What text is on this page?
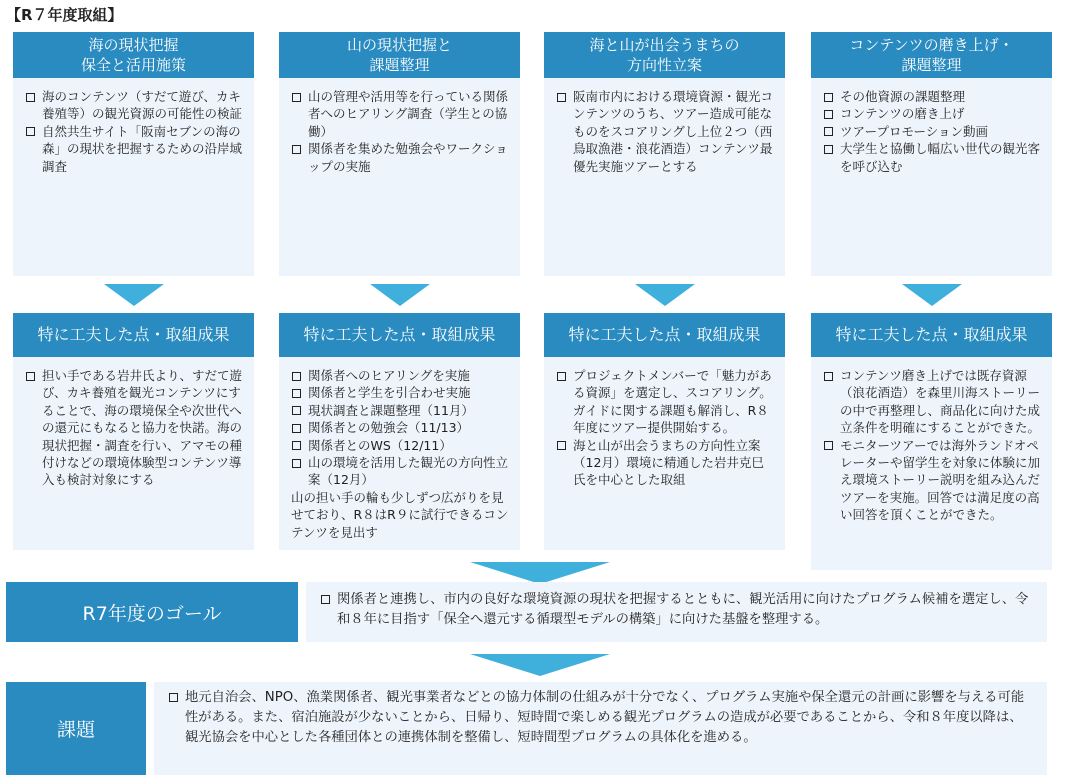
【R７年度取組】
海の現状把握
保全と活用施策
海のコンテンツ（すだて遊び、カキ養殖等）の観光資源の可能性の検証
自然共生サイト「阪南セブンの海の森」の現状を把握するための沿岸域調査
特に工夫した点・取組成果
担い手である岩井氏より、すだて遊び、カキ養殖を観光コンテンツにすることで、海の環境保全や次世代への還元にもなると協力を快諾。海の現状把握・調査を行い、アマモの種付けなどの環境体験型コンテンツ導入も検討対象にする
山の現状把握と
課題整理
山の管理や活用等を行っている関係者へのヒアリング調査（学生との協働）
関係者を集めた勉強会やワークショップの実施
特に工夫した点・取組成果
関係者へのヒアリングを実施
関係者と学生を引合わせ実施
現状調査と課題整理（11月）
関係者との勉強会（11/13）
関係者とのWS（12/11）
山の環境を活用した観光の方向性立案（12月）
山の担い手の輪も少しずつ広がりを見せており、R８はR９に試行できるコンテンツを見出す
海と山が出会うまちの
方向性立案
阪南市内における環境資源・観光コンテンツのうち、ツアー造成可能なものをスコアリングし上位２つ（西鳥取漁港・浪花酒造）コンテンツ最優先実施ツアーとする
特に工夫した点・取組成果
プロジェクトメンバーで「魅力がある資源」を選定し、スコアリング。ガイドに関する課題も解消し、R８年度にツアー提供開始する。
海と山が出会うまちの方向性立案（12月）環境に精通した岩井克巳氏を中心とした取組
コンテンツの磨き上げ・
課題整理
その他資源の課題整理
コンテンツの磨き上げ
ツアープロモーション動画
大学生と協働し幅広い世代の観光客を呼び込む
特に工夫した点・取組成果
コンテンツ磨き上げでは既存資源（浪花酒造）を森里川海ストーリーの中で再整理し、商品化に向けた成立条件を明確にすることができた。
モニターツアーでは海外ランドオペレーターや留学生を対象に体験に加え環境ストーリー説明を組み込んだツアーを実施。回答では満足度の高い回答を頂くことができた。
R7年度のゴール
関係者と連携し、市内の良好な環境資源の現状を把握するとともに、観光活用に向けたプログラム候補を選定し、令和８年に目指す「保全へ還元する循環型モデルの構築」に向けた基盤を整理する。
課題
地元自治会、NPO、漁業関係者、観光事業者などとの協力体制の仕組みが十分でなく、プログラム実施や保全還元の計画に影響を与える可能性がある。また、宿泊施設が少ないことから、日帰り、短時間で楽しめる観光プログラムの造成が必要であることから、令和８年度以降は、観光協会を中心とした各種団体との連携体制を整備し、短時間型プログラムの具体化を進める。
